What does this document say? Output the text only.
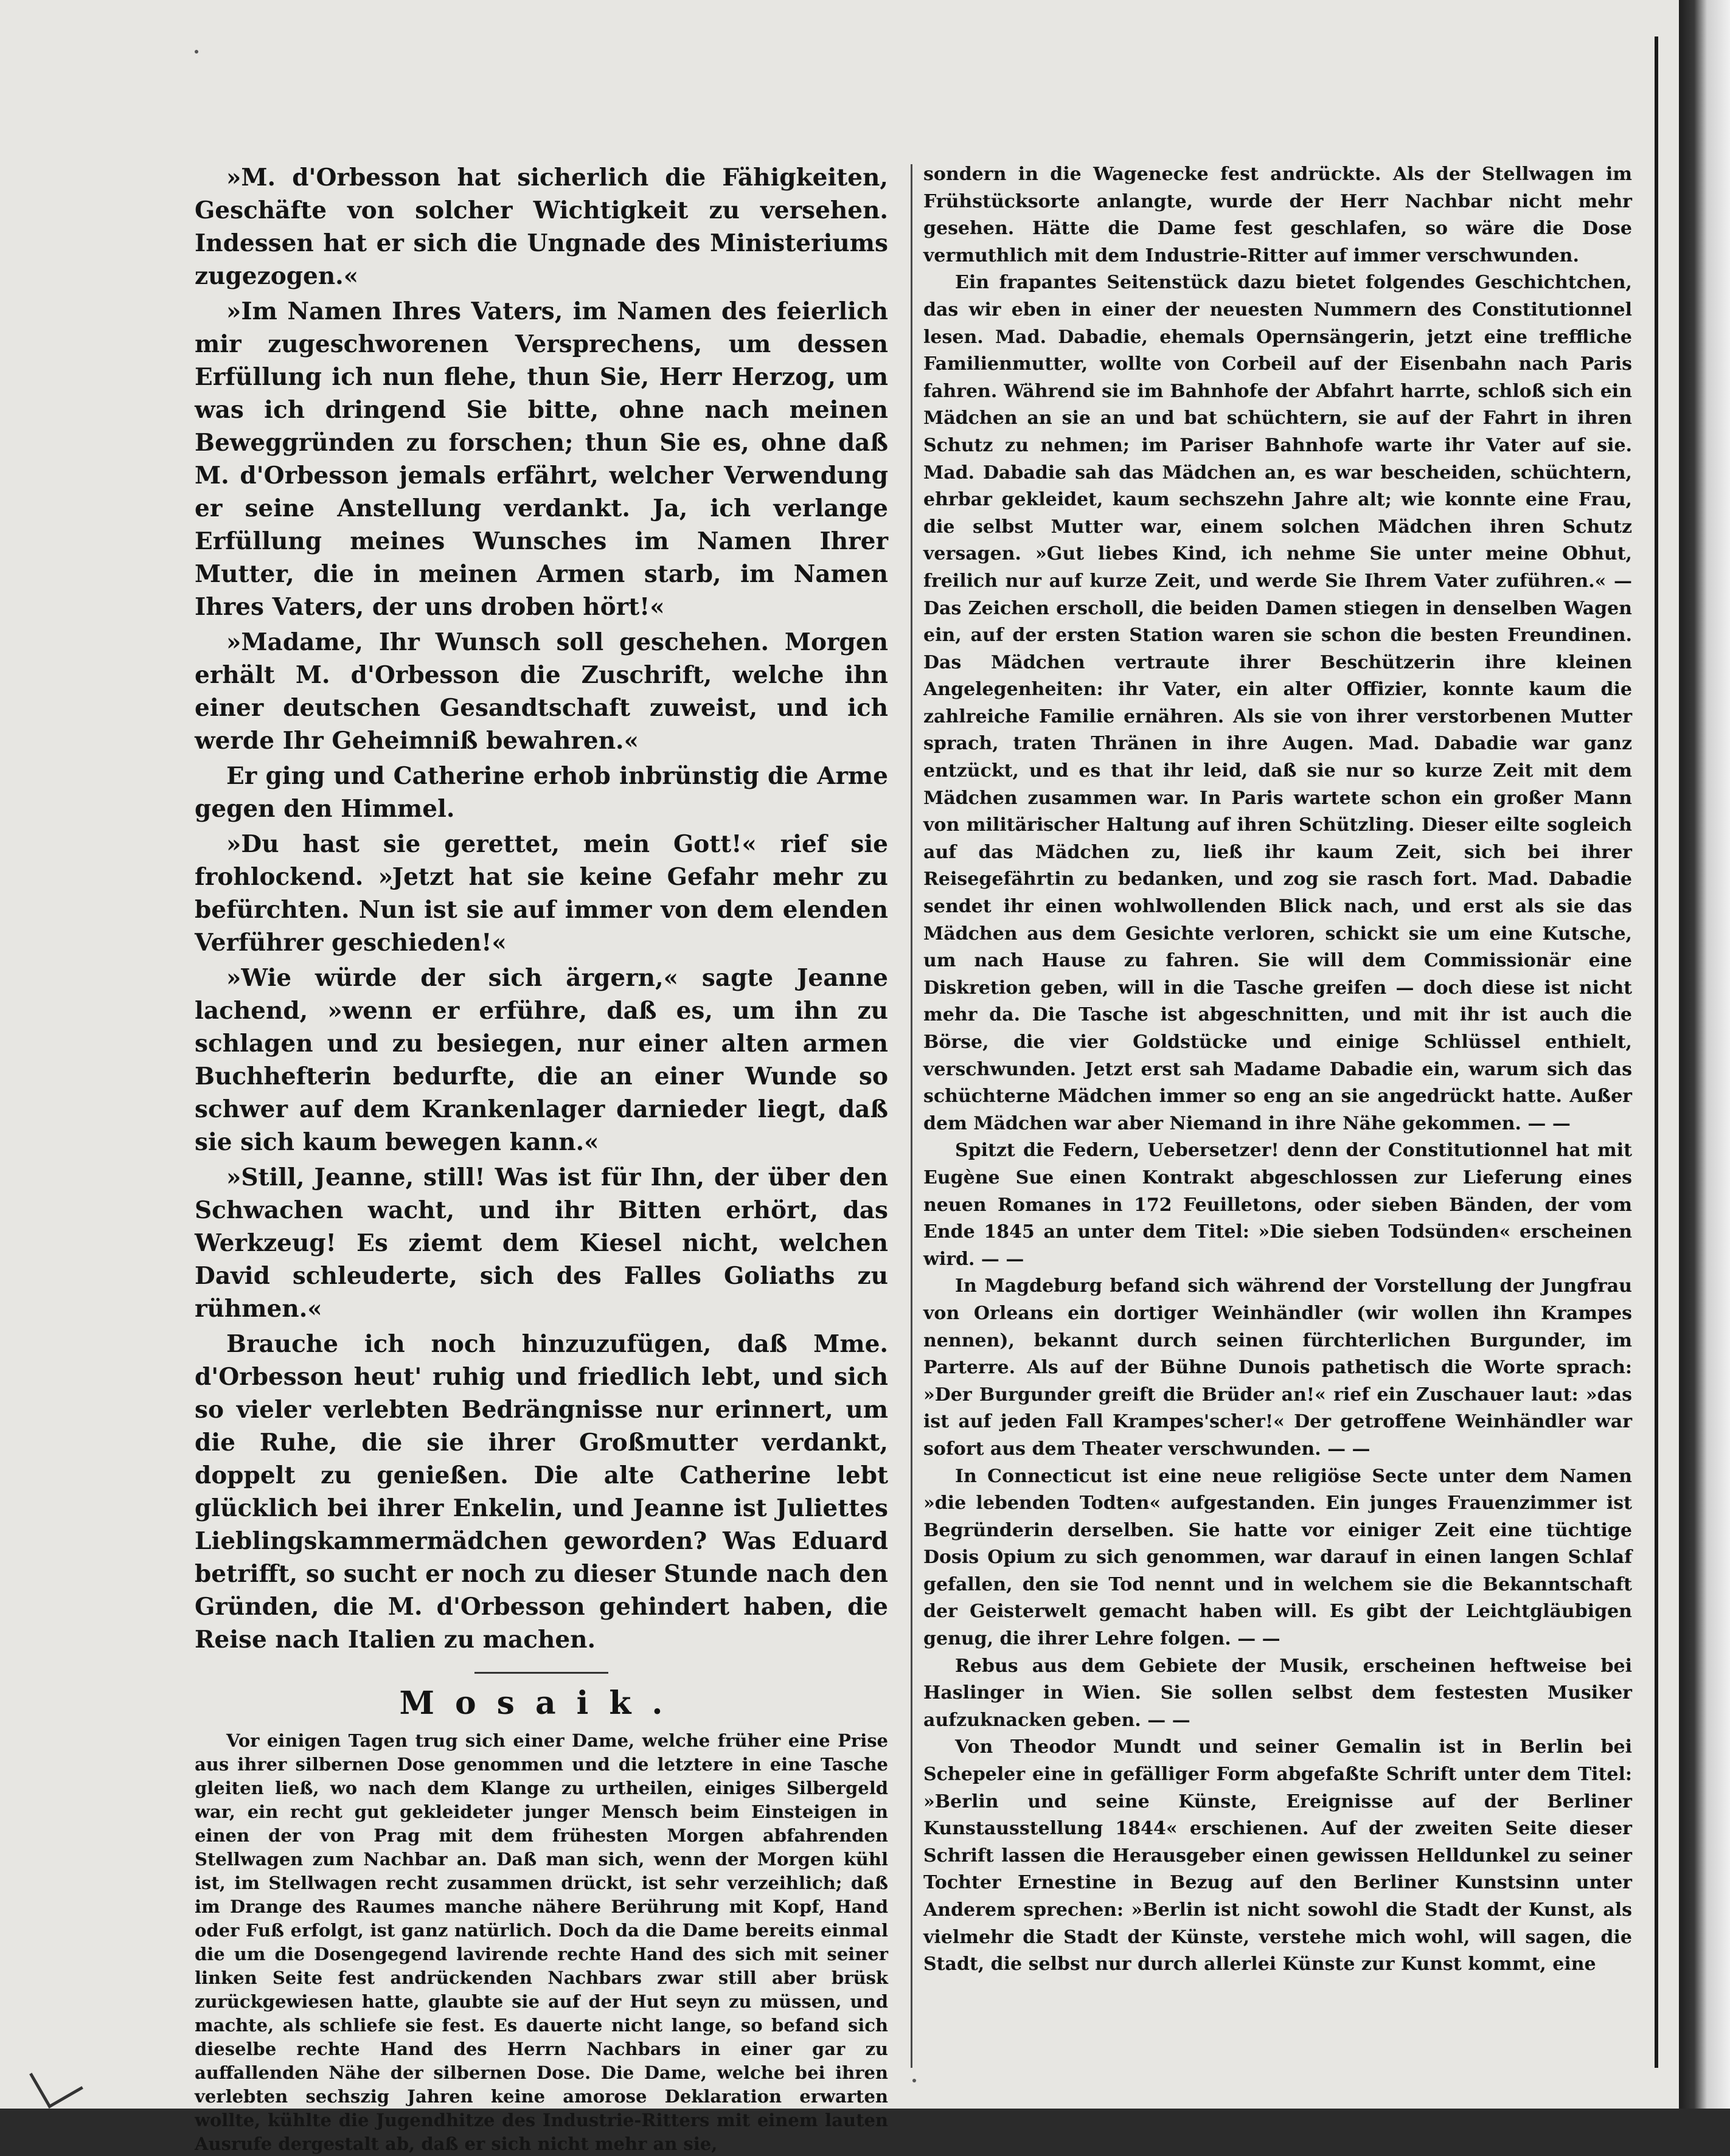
»M. d'Orbesson hat sicherlich die Fähigkeiten, Geschäfte von solcher Wichtigkeit zu versehen. Indessen hat er sich die Ungnade des Ministeriums zugezogen.«

»Im Namen Ihres Vaters, im Namen des feierlich mir zugeschworenen Versprechens, um dessen Erfüllung ich nun flehe, thun Sie, Herr Herzog, um was ich dringend Sie bitte, ohne nach meinen Beweggründen zu forschen; thun Sie es, ohne daß M. d'Orbesson jemals erfährt, welcher Verwendung er seine Anstellung verdankt. Ja, ich verlange Erfüllung meines Wunsches im Namen Ihrer Mutter, die in meinen Armen starb, im Namen Ihres Vaters, der uns droben hört!«

»Madame, Ihr Wunsch soll geschehen. Morgen erhält M. d'Orbesson die Zuschrift, welche ihn einer deutschen Gesandtschaft zuweist, und ich werde Ihr Geheimniß bewahren.«

Er ging und Catherine erhob inbrünstig die Arme gegen den Himmel.

»Du hast sie gerettet, mein Gott!« rief sie frohlockend. »Jetzt hat sie keine Gefahr mehr zu befürchten. Nun ist sie auf immer von dem elenden Verführer geschieden!«

»Wie würde der sich ärgern,« sagte Jeanne lachend, »wenn er erführe, daß es, um ihn zu schlagen und zu besiegen, nur einer alten armen Buchhefterin bedurfte, die an einer Wunde so schwer auf dem Krankenlager darnieder liegt, daß sie sich kaum bewegen kann.«

»Still, Jeanne, still! Was ist für Ihn, der über den Schwachen wacht, und ihr Bitten erhört, das Werkzeug! Es ziemt dem Kiesel nicht, welchen David schleuderte, sich des Falles Goliaths zu rühmen.«

Brauche ich noch hinzuzufügen, daß Mme. d'Orbesson heut' ruhig und friedlich lebt, und sich so vieler verlebten Bedrängnisse nur erinnert, um die Ruhe, die sie ihrer Großmutter verdankt, doppelt zu genießen. Die alte Catherine lebt glücklich bei ihrer Enkelin, und Jeanne ist Juliettes Lieblingskammermädchen geworden? Was Eduard betrifft, so sucht er noch zu dieser Stunde nach den Gründen, die M. d'Orbesson gehindert haben, die Reise nach Italien zu machen.

Mosaik.

Vor einigen Tagen trug sich einer Dame, welche früher eine Prise aus ihrer silbernen Dose genommen und die letztere in eine Tasche gleiten ließ, wo nach dem Klange zu urtheilen, einiges Silbergeld war, ein recht gut gekleideter junger Mensch beim Einsteigen in einen der von Prag mit dem frühesten Morgen abfahrenden Stellwagen zum Nachbar an. Daß man sich, wenn der Morgen kühl ist, im Stellwagen recht zusammen drückt, ist sehr verzeihlich; daß im Drange des Raumes manche nähere Berührung mit Kopf, Hand oder Fuß erfolgt, ist ganz natürlich. Doch da die Dame bereits einmal die um die Dosengegend lavirende rechte Hand des sich mit seiner linken Seite fest andrückenden Nachbars zwar still aber brüsk zurückgewiesen hatte, glaubte sie auf der Hut seyn zu müssen, und machte, als schliefe sie fest. Es dauerte nicht lange, so befand sich dieselbe rechte Hand des Herrn Nachbars in einer gar zu auffallenden Nähe der silbernen Dose. Die Dame, welche bei ihren verlebten sechszig Jahren keine amorose Deklaration erwarten wollte, kühlte die Jugendhitze des Industrie-Ritters mit einem lauten Ausrufe dergestalt ab, daß er sich nicht mehr an sie,

sondern in die Wagenecke fest andrückte. Als der Stellwagen im Frühstücksorte anlangte, wurde der Herr Nachbar nicht mehr gesehen. Hätte die Dame fest geschlafen, so wäre die Dose vermuthlich mit dem Industrie-Ritter auf immer verschwunden.

Ein frapantes Seitenstück dazu bietet folgendes Geschichtchen, das wir eben in einer der neuesten Nummern des Constitutionnel lesen. Mad. Dabadie, ehemals Opernsängerin, jetzt eine treffliche Familienmutter, wollte von Corbeil auf der Eisenbahn nach Paris fahren. Während sie im Bahnhofe der Abfahrt harrte, schloß sich ein Mädchen an sie an und bat schüchtern, sie auf der Fahrt in ihren Schutz zu nehmen; im Pariser Bahnhofe warte ihr Vater auf sie. Mad. Dabadie sah das Mädchen an, es war bescheiden, schüchtern, ehrbar gekleidet, kaum sechszehn Jahre alt; wie konnte eine Frau, die selbst Mutter war, einem solchen Mädchen ihren Schutz versagen. »Gut liebes Kind, ich nehme Sie unter meine Obhut, freilich nur auf kurze Zeit, und werde Sie Ihrem Vater zuführen.« — Das Zeichen erscholl, die beiden Damen stiegen in denselben Wagen ein, auf der ersten Station waren sie schon die besten Freundinen. Das Mädchen vertraute ihrer Beschützerin ihre kleinen Angelegenheiten: ihr Vater, ein alter Offizier, konnte kaum die zahlreiche Familie ernähren. Als sie von ihrer verstorbenen Mutter sprach, traten Thränen in ihre Augen. Mad. Dabadie war ganz entzückt, und es that ihr leid, daß sie nur so kurze Zeit mit dem Mädchen zusammen war. In Paris wartete schon ein großer Mann von militärischer Haltung auf ihren Schützling. Dieser eilte sogleich auf das Mädchen zu, ließ ihr kaum Zeit, sich bei ihrer Reisegefährtin zu bedanken, und zog sie rasch fort. Mad. Dabadie sendet ihr einen wohlwollenden Blick nach, und erst als sie das Mädchen aus dem Gesichte verloren, schickt sie um eine Kutsche, um nach Hause zu fahren. Sie will dem Commissionär eine Diskretion geben, will in die Tasche greifen — doch diese ist nicht mehr da. Die Tasche ist abgeschnitten, und mit ihr ist auch die Börse, die vier Goldstücke und einige Schlüssel enthielt, verschwunden. Jetzt erst sah Madame Dabadie ein, warum sich das schüchterne Mädchen immer so eng an sie angedrückt hatte. Außer dem Mädchen war aber Niemand in ihre Nähe gekommen. — —

Spitzt die Federn, Uebersetzer! denn der Constitutionnel hat mit Eugène Sue einen Kontrakt abgeschlossen zur Lieferung eines neuen Romanes in 172 Feuilletons, oder sieben Bänden, der vom Ende 1845 an unter dem Titel: »Die sieben Todsünden« erscheinen wird. — —

In Magdeburg befand sich während der Vorstellung der Jungfrau von Orleans ein dortiger Weinhändler (wir wollen ihn Krampes nennen), bekannt durch seinen fürchterlichen Burgunder, im Parterre. Als auf der Bühne Dunois pathetisch die Worte sprach: »Der Burgunder greift die Brüder an!« rief ein Zuschauer laut: »das ist auf jeden Fall Krampes'scher!« Der getroffene Weinhändler war sofort aus dem Theater verschwunden. — —

In Connecticut ist eine neue religiöse Secte unter dem Namen »die lebenden Todten« aufgestanden. Ein junges Frauenzimmer ist Begründerin derselben. Sie hatte vor einiger Zeit eine tüchtige Dosis Opium zu sich genommen, war darauf in einen langen Schlaf gefallen, den sie Tod nennt und in welchem sie die Bekanntschaft der Geisterwelt gemacht haben will. Es gibt der Leichtgläubigen genug, die ihrer Lehre folgen. — —

Rebus aus dem Gebiete der Musik, erscheinen heftweise bei Haslinger in Wien. Sie sollen selbst dem festesten Musiker aufzuknacken geben. — —

Von Theodor Mundt und seiner Gemalin ist in Berlin bei Schepeler eine in gefälliger Form abgefaßte Schrift unter dem Titel: »Berlin und seine Künste, Ereignisse auf der Berliner Kunstausstellung 1844« erschienen. Auf der zweiten Seite dieser Schrift lassen die Herausgeber einen gewissen Helldunkel zu seiner Tochter Ernestine in Bezug auf den Berliner Kunstsinn unter Anderem sprechen: »Berlin ist nicht sowohl die Stadt der Kunst, als vielmehr die Stadt der Künste, verstehe mich wohl, will sagen, die Stadt, die selbst nur durch allerlei Künste zur Kunst kommt, eine
